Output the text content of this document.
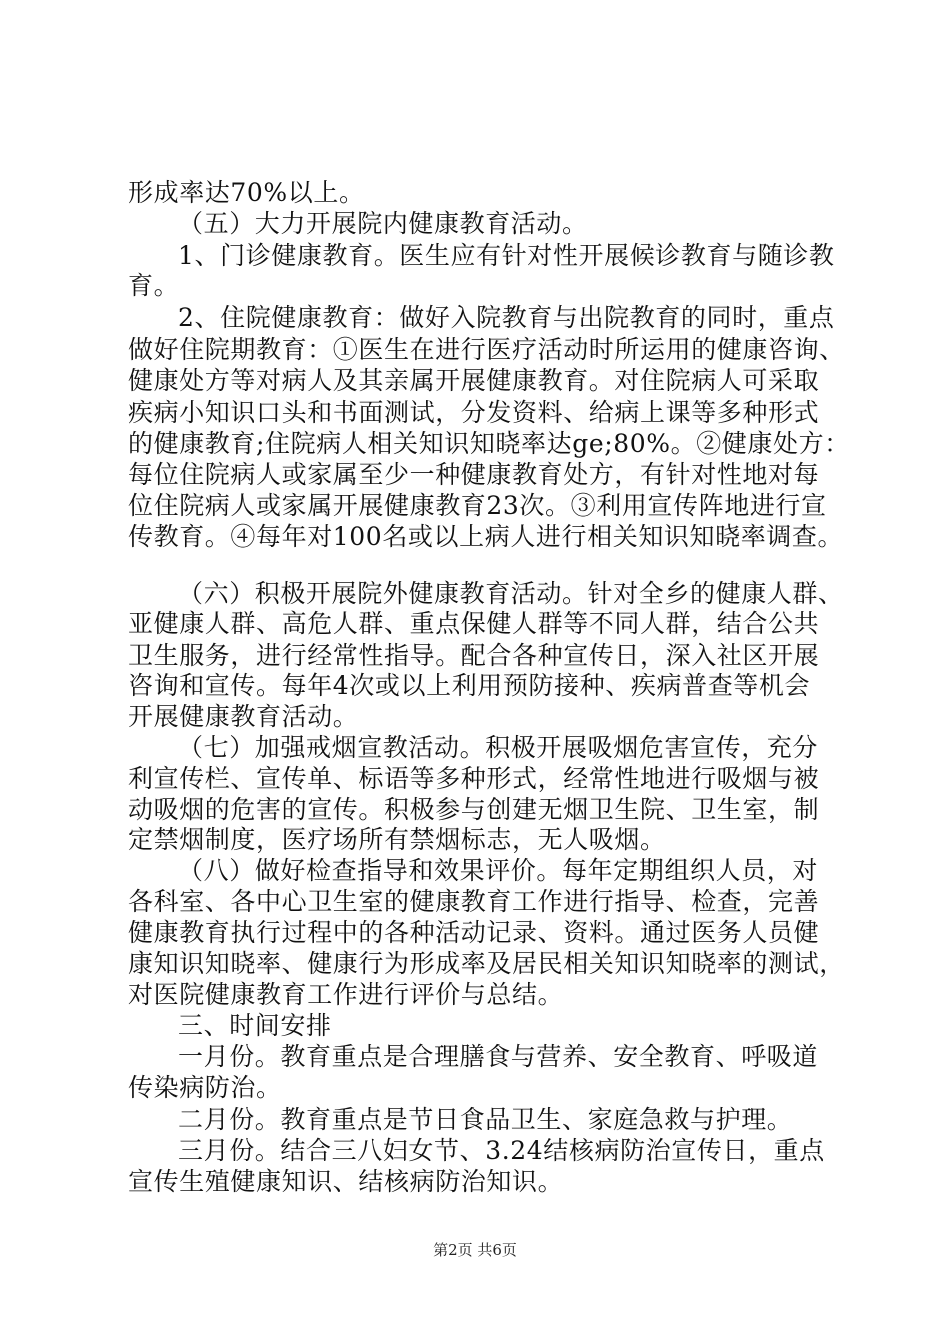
形成率达70%以上。
（五）大力开展院内健康教育活动。
1、门诊健康教育。医生应有针对性开展候诊教育与随诊教
育。
2、住院健康教育：做好入院教育与出院教育的同时，重点
做好住院期教育：①医生在进行医疗活动时所运用的健康咨询、
健康处方等对病人及其亲属开展健康教育。对住院病人可采取
疾病小知识口头和书面测试，分发资料、给病上课等多种形式
的健康教育;住院病人相关知识知晓率达ge;80%。②健康处方：
每位住院病人或家属至少一种健康教育处方，有针对性地对每
位住院病人或家属开展健康教育23次。③利用宣传阵地进行宣
传教育。④每年对100名或以上病人进行相关知识知晓率调查。
（六）积极开展院外健康教育活动。针对全乡的健康人群、
亚健康人群、高危人群、重点保健人群等不同人群，结合公共
卫生服务，进行经常性指导。配合各种宣传日，深入社区开展
咨询和宣传。每年4次或以上利用预防接种、疾病普查等机会
开展健康教育活动。
（七）加强戒烟宣教活动。积极开展吸烟危害宣传，充分
利宣传栏、宣传单、标语等多种形式，经常性地进行吸烟与被
动吸烟的危害的宣传。积极参与创建无烟卫生院、卫生室，制
定禁烟制度，医疗场所有禁烟标志，无人吸烟。
（八）做好检查指导和效果评价。每年定期组织人员，对
各科室、各中心卫生室的健康教育工作进行指导、检查，完善
健康教育执行过程中的各种活动记录、资料。通过医务人员健
康知识知晓率、健康行为形成率及居民相关知识知晓率的测试，
对医院健康教育工作进行评价与总结。
三、时间安排
一月份。教育重点是合理膳食与营养、安全教育、呼吸道
传染病防治。
二月份。教育重点是节日食品卫生、家庭急救与护理。
三月份。结合三八妇女节、3.24结核病防治宣传日，重点
宣传生殖健康知识、结核病防治知识。
第2页 共6页
